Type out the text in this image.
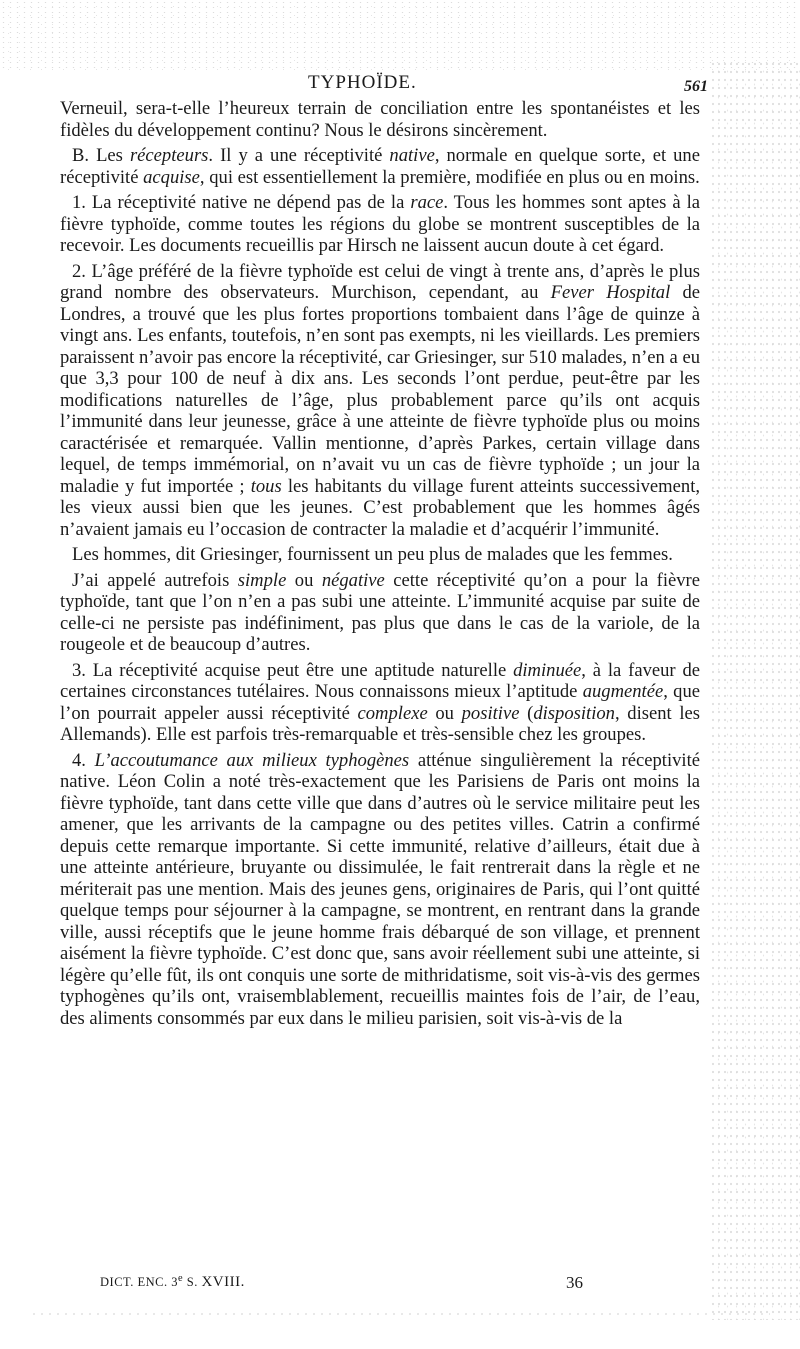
TYPHOÏDE.	561

Verneuil, sera-t-elle l’heureux terrain de conciliation entre les spontanéistes et les fidèles du développement continu? Nous le désirons sincèrement.

B. Les récepteurs. Il y a une réceptivité native, normale en quelque sorte, et une réceptivité acquise, qui est essentiellement la première, modifiée en plus ou en moins.

1. La réceptivité native ne dépend pas de la race. Tous les hommes sont aptes à la fièvre typhoïde, comme toutes les régions du globe se montrent susceptibles de la recevoir. Les documents recueillis par Hirsch ne laissent aucun doute à cet égard.

2. L’âge préféré de la fièvre typhoïde est celui de vingt à trente ans, d’après le plus grand nombre des observateurs. Murchison, cependant, au Fever Hospital de Londres, a trouvé que les plus fortes proportions tombaient dans l’âge de quinze à vingt ans. Les enfants, toutefois, n’en sont pas exempts, ni les vieillards. Les premiers paraissent n’avoir pas encore la réceptivité, car Griesinger, sur 510 malades, n’en a eu que 3,3 pour 100 de neuf à dix ans. Les seconds l’ont perdue, peut-être par les modifications naturelles de l’âge, plus probablement parce qu’ils ont acquis l’immunité dans leur jeunesse, grâce à une atteinte de fièvre typhoïde plus ou moins caractérisée et remarquée. Vallin mentionne, d’après Parkes, certain village dans lequel, de temps immémorial, on n’avait vu un cas de fièvre typhoïde ; un jour la maladie y fut importée ; tous les habitants du village furent atteints successivement, les vieux aussi bien que les jeunes. C’est probablement que les hommes âgés n’avaient jamais eu l’occasion de contracter la maladie et d’acquérir l’immunité.

Les hommes, dit Griesinger, fournissent un peu plus de malades que les femmes.

J’ai appelé autrefois simple ou négative cette réceptivité qu’on a pour la fièvre typhoïde, tant que l’on n’en a pas subi une atteinte. L’immunité acquise par suite de celle-ci ne persiste pas indéfiniment, pas plus que dans le cas de la variole, de la rougeole et de beaucoup d’autres.

3. La réceptivité acquise peut être une aptitude naturelle diminuée, à la faveur de certaines circonstances tutélaires. Nous connaissons mieux l’aptitude augmentée, que l’on pourrait appeler aussi réceptivité complexe ou positive (disposition, disent les Allemands). Elle est parfois très-remarquable et très-sensible chez les groupes.

4. L’accoutumance aux milieux typhogènes atténue singulièrement la réceptivité native. Léon Colin a noté très-exactement que les Parisiens de Paris ont moins la fièvre typhoïde, tant dans cette ville que dans d’autres où le service militaire peut les amener, que les arrivants de la campagne ou des petites villes. Catrin a confirmé depuis cette remarque importante. Si cette immunité, relative d’ailleurs, était due à une atteinte antérieure, bruyante ou dissimulée, le fait rentrerait dans la règle et ne mériterait pas une mention. Mais des jeunes gens, originaires de Paris, qui l’ont quitté quelque temps pour séjourner à la campagne, se montrent, en rentrant dans la grande ville, aussi réceptifs que le jeune homme frais débarqué de son village, et prennent aisément la fièvre typhoïde. C’est donc que, sans avoir réellement subi une atteinte, si légère qu’elle fût, ils ont conquis une sorte de mithridatisme, soit vis-à-vis des germes typhogènes qu’ils ont, vraisemblablement, recueillis maintes fois de l’air, de l’eau, des aliments consommés par eux dans le milieu parisien, soit vis-à-vis de la

DICT. ENC. 3e S. XVIII.	36
